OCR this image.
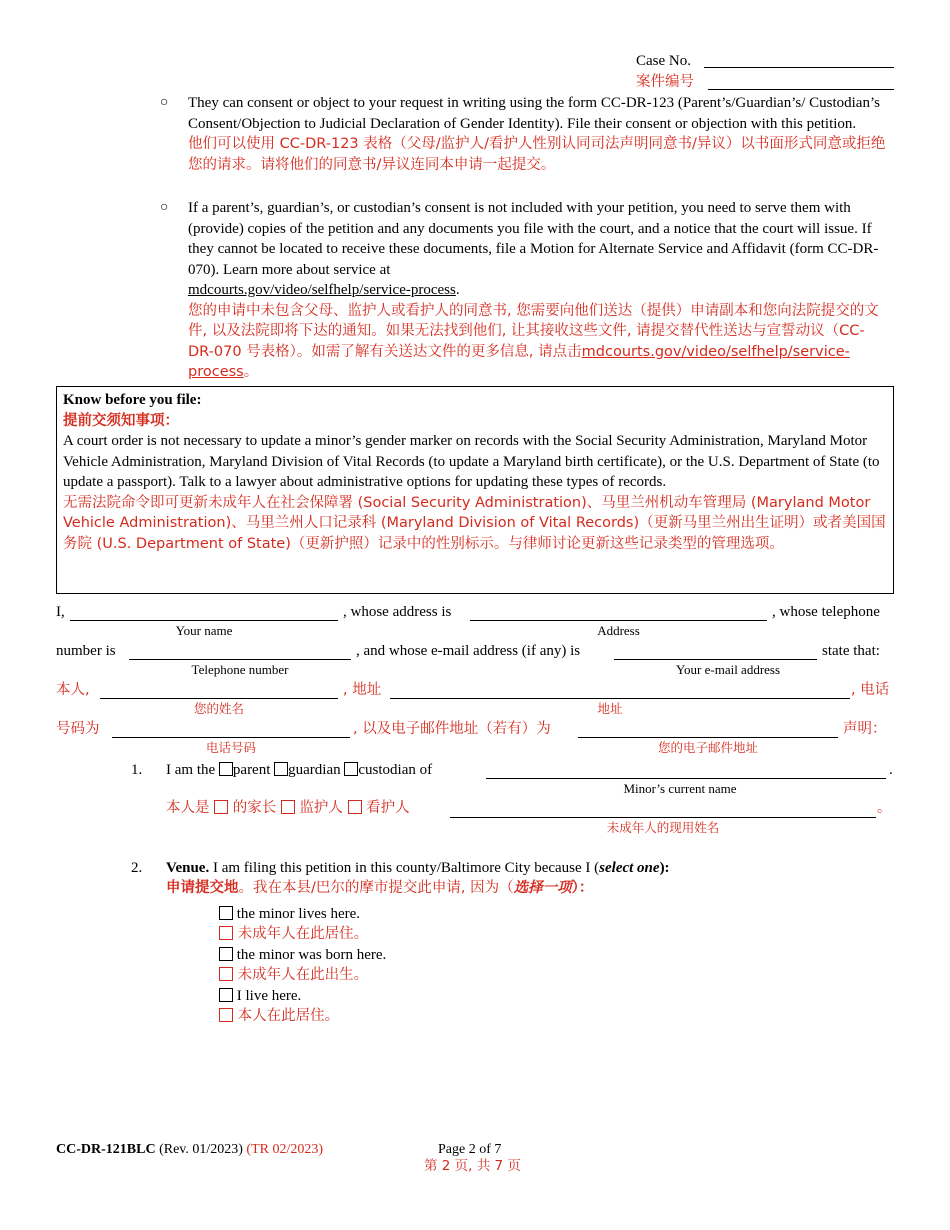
Case No.
案件编号
○ They can consent or object to your request in writing using the form CC-DR-123 (Parent’s/Guardian’s/ Custodian’s Consent/Objection to Judicial Declaration of Gender Identity). File their consent or objection with this petition.

他们可以使用 CC-DR-123 表格（父母/监护人/看护人性别认同司法声明同意书/异议）以书面形式同意或拒绝您的请求。请将他们的同意书/异议连同本申请一起提交。

○ If a parent’s, guardian’s, or custodian’s consent is not included with your petition, you need to serve them with (provide) copies of the petition and any documents you file with the court, and a notice that the court will issue. If they cannot be located to receive these documents, file a Motion for Alternate Service and Affidavit (form CC-DR-070). Learn more about service at
mdcourts.gov/video/selfhelp/service-process.

您的申请中未包含父母、监护人或看护人的同意书, 您需要向他们送达（提供）申请副本和您向法院提交的文件, 以及法院即将下达的通知。如果无法找到他们, 让其接收这些文件, 请提交替代性送达与宣誓动议（CC-DR-070 号表格）。如需了解有关送达文件的更多信息, 请点击mdcourts.gov/video/selfhelp/service-process。

Know before you file:

提前交须知事项：

A court order is not necessary to update a minor’s gender marker on records with the Social Security Administration, Maryland Motor Vehicle Administration, Maryland Division of Vital Records (to update a Maryland birth certificate), or the U.S. Department of State (to update a passport). Talk to a lawyer about administrative options for updating these types of records.

无需法院命令即可更新未成年人在社会保障署 (Social Security Administration)、马里兰州机动车管理局 (Maryland Motor Vehicle Administration)、马里兰州人口记录科 (Maryland Division of Vital Records)（更新马里兰州出生证明）或者美国国务院 (U.S. Department of State)（更新护照）记录中的性别标示。与律师讨论更新这些记录类型的管理选项。

I,	, whose address is	, whose telephone
Your name	Address
number is	, and whose e-mail address (if any) is	state that:
Telephone number	Your e-mail address
本人,	, 地址	, 电话
您的姓名	地址
号码为	, 以及电子邮件地址（若有）为	声明：
电话号码	您的电子邮件地址
1. I am the parent guardian custodian of	.
Minor’s current name
本人是 的家长 监护人 看护人	。
未成年人的现用姓名
2. Venue. I am filing this petition in this county/Baltimore City because I (select one):
申请提交地。我在本县/巴尔的摩市提交此申请, 因为（选择一项）：
the minor lives here.
未成年人在此居住。
the minor was born here.
未成年人在此出生。
I live here.
本人在此居住。
CC-DR-121BLC (Rev. 01/2023) (TR 02/2023)	Page 2 of 7
第 2 页, 共 7 页
